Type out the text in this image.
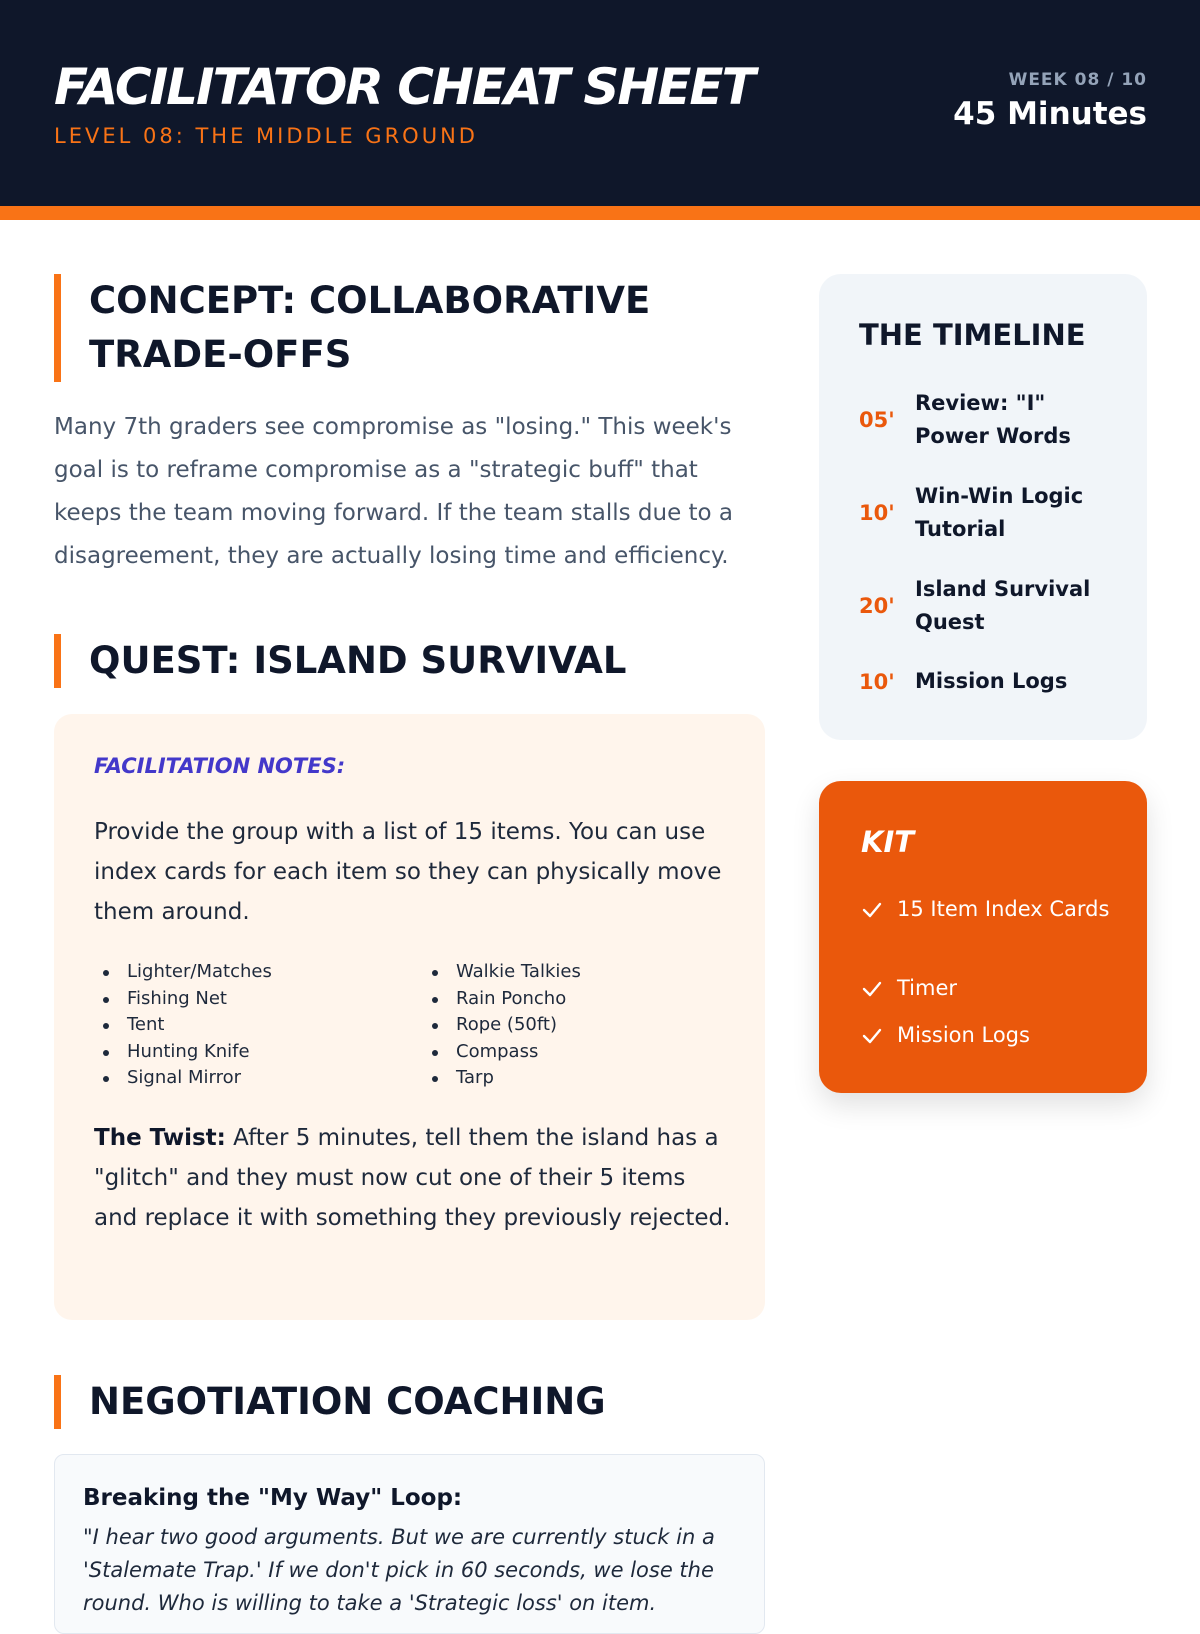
FACILITATOR CHEAT SHEET
LEVEL 08: THE MIDDLE GROUND
WEEK 08 / 10
45 Minutes
CONCEPT: COLLABORATIVE TRADE-OFFS

Many 7th graders see compromise as "losing." This week's goal is to reframe compromise as a "strategic buff" that keeps the team moving forward. If the team stalls due to a disagreement, they are actually losing time and efficiency.

QUEST: ISLAND SURVIVAL
FACILITATION NOTES:

Provide the group with a list of 15 items. You can use index cards for each item so they can physically move them around.

Lighter/Matches
Fishing Net
Tent
Hunting Knife
Signal Mirror
Walkie Talkies
Rain Poncho
Rope (50ft)
Compass
Tarp

The Twist: After 5 minutes, tell them the island has a "glitch" and they must now cut one of their 5 items and replace it with something they previously rejected.

NEGOTIATION COACHING
Breaking the "My Way" Loop:

"I hear two good arguments. But we are currently stuck in a 'Stalemate Trap.' If we don't pick in 60 seconds, we lose the round. Who is willing to take a 'Strategic loss' on item.

THE TIMELINE
05'
Review: "I" Power Words
10'
Win-Win Logic Tutorial
20'
Island Survival Quest
10' Mission Logs
KIT
15 Item Index Cards
Timer
Mission Logs
